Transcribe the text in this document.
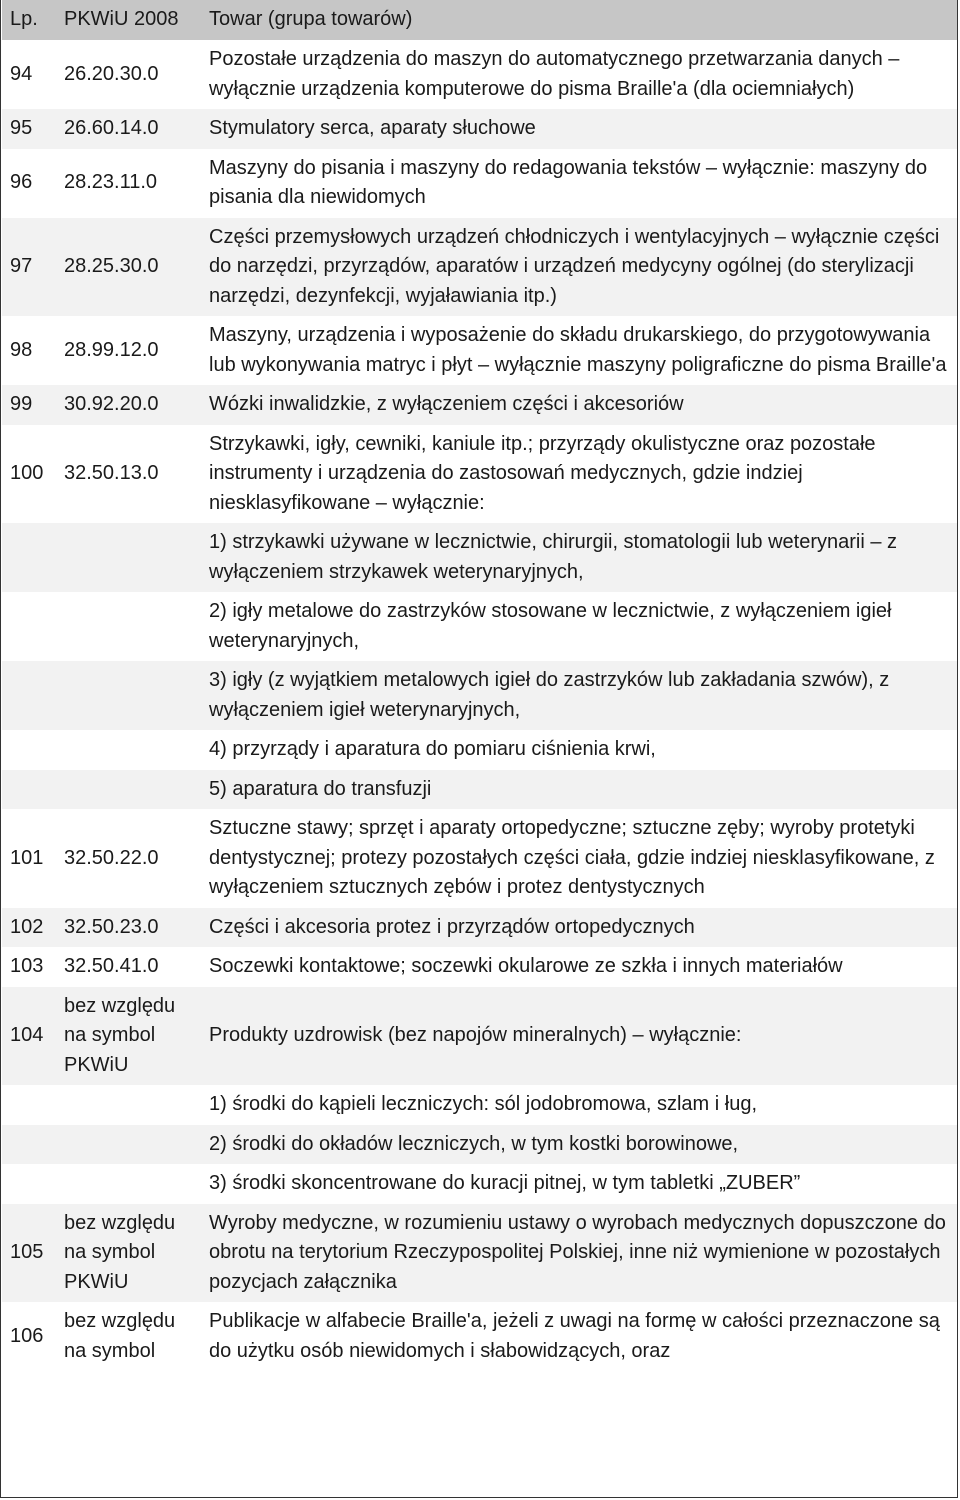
Lp.	PKWiU 2008	Towar (grupa towarów)
94	26.20.30.0	Pozostałe urządzenia do maszyn do automatycznego przetwarzania danych – wyłącznie urządzenia komputerowe do pisma Braille'a (dla ociemniałych)
95	26.60.14.0	Stymulatory serca, aparaty słuchowe
96	28.23.11.0	Maszyny do pisania i maszyny do redagowania tekstów – wyłącznie: maszyny do pisania dla niewidomych
97	28.25.30.0	Części przemysłowych urządzeń chłodniczych i wentylacyjnych – wyłącznie części do narzędzi, przyrządów, aparatów i urządzeń medycyny ogólnej (do sterylizacji narzędzi, dezynfekcji, wyjaławiania itp.)
98	28.99.12.0	Maszyny, urządzenia i wyposażenie do składu drukarskiego, do przygotowywania lub wykonywania matryc i płyt – wyłącznie maszyny poligraficzne do pisma Braille'a
99	30.92.20.0	Wózki inwalidzkie, z wyłączeniem części i akcesoriów
100	32.50.13.0	Strzykawki, igły, cewniki, kaniule itp.; przyrządy okulistyczne oraz pozostałe instrumenty i urządzenia do zastosowań medycznych, gdzie indziej niesklasyfikowane – wyłącznie:
		1) strzykawki używane w lecznictwie, chirurgii, stomatologii lub weterynarii – z wyłączeniem strzykawek weterynaryjnych,
		2) igły metalowe do zastrzyków stosowane w lecznictwie, z wyłączeniem igieł weterynaryjnych,
		3) igły (z wyjątkiem metalowych igieł do zastrzyków lub zakładania szwów), z wyłączeniem igieł weterynaryjnych,
		4) przyrządy i aparatura do pomiaru ciśnienia krwi,
		5) aparatura do transfuzji
101	32.50.22.0	Sztuczne stawy; sprzęt i aparaty ortopedyczne; sztuczne zęby; wyroby protetyki dentystycznej; protezy pozostałych części ciała, gdzie indziej niesklasyfikowane, z wyłączeniem sztucznych zębów i protez dentystycznych
102	32.50.23.0	Części i akcesoria protez i przyrządów ortopedycznych
103	32.50.41.0	Soczewki kontaktowe; soczewki okularowe ze szkła i innych materiałów
104	bez względu na symbol PKWiU	Produkty uzdrowisk (bez napojów mineralnych) – wyłącznie:
		1) środki do kąpieli leczniczych: sól jodobromowa, szlam i ług,
		2) środki do okładów leczniczych, w tym kostki borowinowe,
		3) środki skoncentrowane do kuracji pitnej, w tym tabletki „ZUBER”
105	bez względu na symbol PKWiU	Wyroby medyczne, w rozumieniu ustawy o wyrobach medycznych dopuszczone do obrotu na terytorium Rzeczypospolitej Polskiej, inne niż wymienione w pozostałych pozycjach załącznika
106	bez względu na symbol	Publikacje w alfabecie Braille'a, jeżeli z uwagi na formę w całości przeznaczone są do użytku osób niewidomych i słabowidzących, oraz
